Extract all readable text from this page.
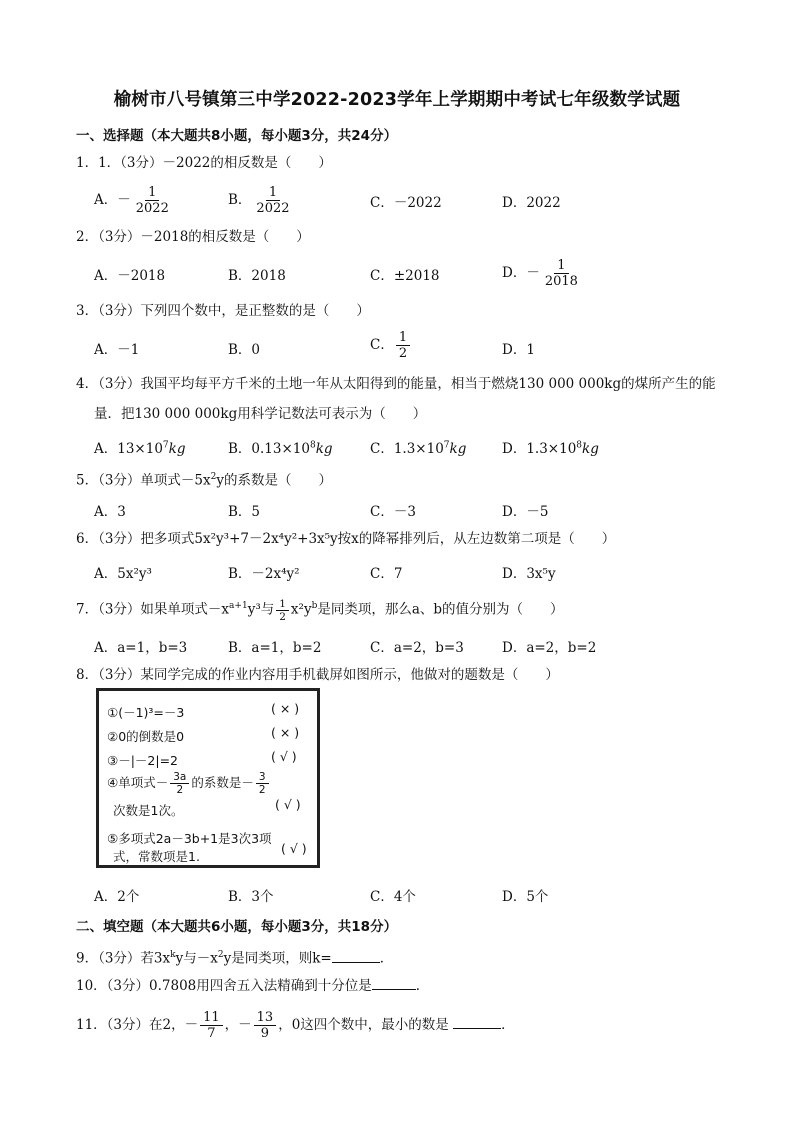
榆树市八号镇第三中学2022-2023学年上学期期中考试七年级数学试题
一、选择题（本大题共8小题，每小题3分，共24分）
1．1．（3分）－2022的相反数是（　　）
A．－ $\frac{1}{2022}$	B． $\frac{1}{2022}$	C．－2022	D．2022
2．（3分）－2018的相反数是（　　）
A．－2018	B．2018	C．±2018	D．－ $\frac{1}{2018}$
3．（3分）下列四个数中，是正整数的是（　　）
A．－1	B．0	C． $\frac{1}{2}$	D．1
4．（3分）我国平均每平方千米的土地一年从太阳得到的能量，相当于燃烧130 000 000kg的煤所产生的能
量．把130 000 000kg用科学记数法可表示为（　　）
A．$13\times 10^7kg$	B．$0.13\times 10^8kg$	C．$1.3\times 10^7kg$	D．$1.3\times 10^8kg$
5．（3分）单项式$-5x^2y$的系数是（　　）
A．3	B．5	C．－3	D．－5
6．（3分）把多项式5x²y³+7－2x⁴y²+3x⁵y按x的降幂排列后，从左边数第二项是（　　）
A．5x²y³	B．－2x⁴y²	C．7	D．3x⁵y
7．（3分）如果单项式$-x^{a+1}y^3$与 $\frac{1}{2} x^2y^b$是同类项，那么a、b的值分别为（　　）
A．a=1，b=3	B．a=1，b=2	C．a=2，b=3	D．a=2，b=2
8．（3分）某同学完成的作业内容用手机截屏如图所示，他做对的题数是（　　）
①(－1)³=－3	( × )
②0的倒数是0	( × )
③－|－2|=2	( √ )
④单项式－ $\frac{3a}{2}$ 的系数是－ $\frac{3}{2}$
次数是1次。	( √ )
⑤多项式2a－3b+1是3次3项
式，常数项是1.
( √ )
A．2个	B．3个	C．4个	D．5个
二、填空题（本大题共6小题，每小题3分，共18分）
9．（3分）若$3x^ky$与$-x^2y$是同类项，则k=	．
10．（3分）0.7808用四舍五入法精确到十分位是	．
11．（3分）在2，－ $\frac{11}{7}$ ，－ $\frac{13}{9}$ ，0这四个数中，最小的数是	．
